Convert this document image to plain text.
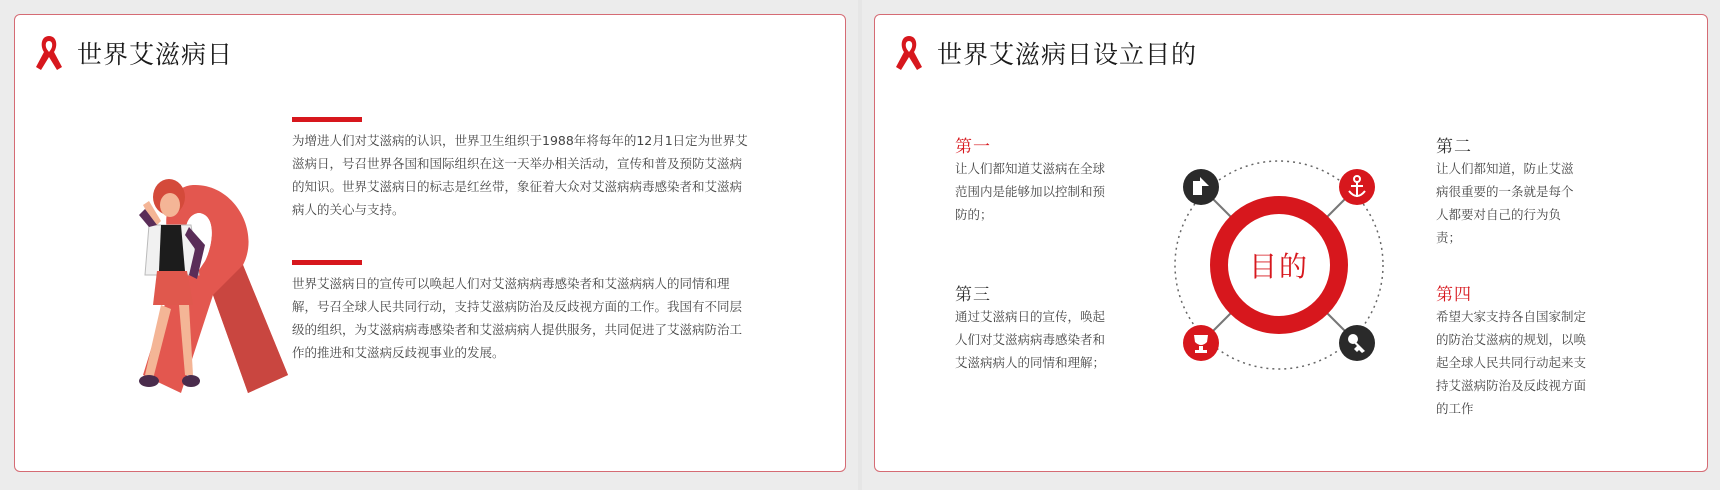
世界艾滋病日

为增进人们对艾滋病的认识，世界卫生组织于1988年将每年的12月1日定为世界艾滋病日，号召世界各国和国际组织在这一天举办相关活动，宣传和普及预防艾滋病的知识。世界艾滋病日的标志是红丝带，象征着大众对艾滋病病毒感染者和艾滋病病人的关心与支持。

世界艾滋病日的宣传可以唤起人们对艾滋病病毒感染者和艾滋病病人的同情和理解，号召全球人民共同行动，支持艾滋病防治及反歧视方面的工作。我国有不同层级的组织，为艾滋病病毒感染者和艾滋病病人提供服务，共同促进了艾滋病防治工作的推进和艾滋病反歧视事业的发展。

世界艾滋病日设立目的
第一

让人们都知道艾滋病在全球范围内是能够加以控制和预防的；

第二

让人们都知道，防止艾滋病很重要的一条就是每个人都要对自己的行为负责；

第三

通过艾滋病日的宣传，唤起人们对艾滋病病毒感染者和艾滋病病人的同情和理解；

第四

希望大家支持各自国家制定的防治艾滋病的规划，以唤起全球人民共同行动起来支持艾滋病防治及反歧视方面的工作

目的
